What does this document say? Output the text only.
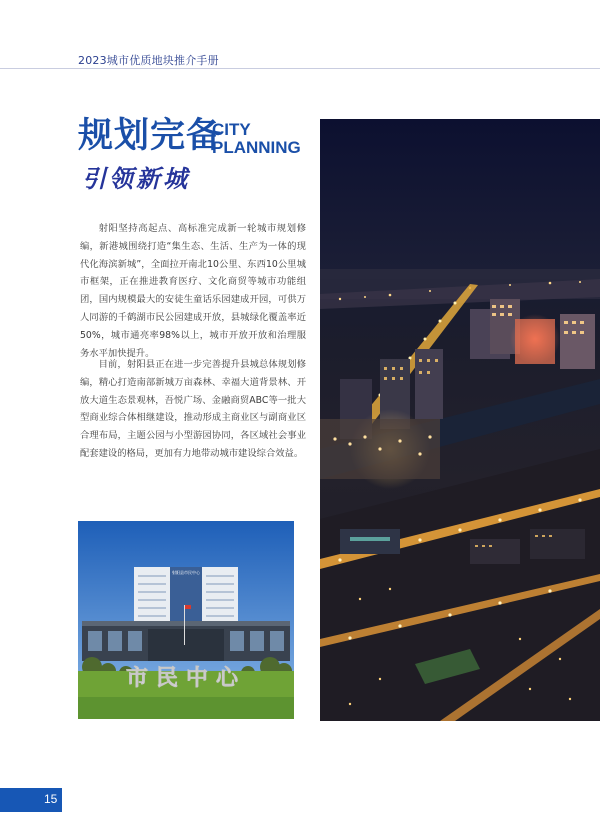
2023城市优质地块推介手册
规划完备
CITY
PLANNING
引领新城
射阳坚持高起点、高标准完成新一轮城市规划修编，新港城围绕打造“集生态、生活、生产为一体的现代化海滨新城”，全面拉开南北10公里、东西10公里城市框架，正在推进教育医疗、文化商贸等城市功能组团，国内规模最大的安徒生童话乐园建成开园，可供万人同游的千鹤湖市民公园建成开放，县城绿化覆盖率近50%，城市通亮率98%以上，城市开放开放和治理服务水平加快提升。
目前，射阳县正在进一步完善提升县城总体规划修编，精心打造南部新城万亩森林、幸福大道背景林、开放大道生态景观林，吾悦广场、金融商贸ABC等一批大型商业综合体相继建设，推动形成主商业区与副商业区合理布局，主题公园与小型游园协同，各区域社会事业配套建设的格局，更加有力地带动城市建设综合效益。
射阳县市民中心
市民中心
15
